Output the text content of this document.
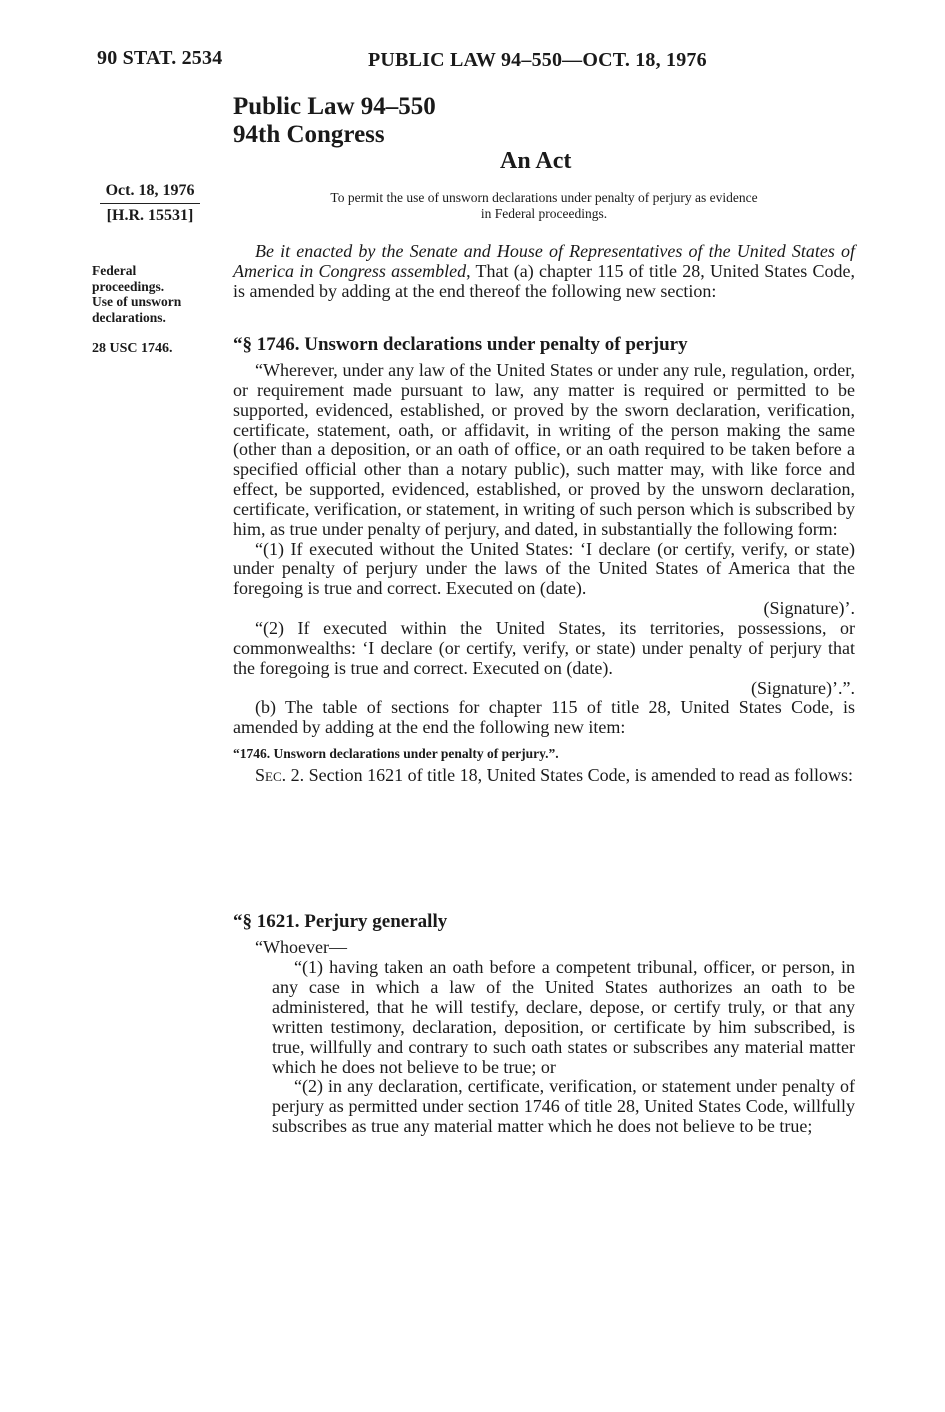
90 STAT. 2534	PUBLIC LAW 94–550—OCT. 18, 1976
Public Law 94–550
94th Congress
An Act
To permit the use of unsworn declarations under penalty of perjury as evidence
in Federal proceedings.
Oct. 18, 1976
[H.R. 15531]
Federal
proceedings.
Use of unsworn
declarations.
28 USC 1746.

Be it enacted by the Senate and House of Representatives of the United States of America in Congress assembled, That (a) chapter 115 of title 28, United States Code, is amended by adding at the end thereof the following new section:

“§ 1746. Unsworn declarations under penalty of perjury

“Wherever, under any law of the United States or under any rule, regulation, order, or requirement made pursuant to law, any matter is required or permitted to be supported, evidenced, established, or proved by the sworn declaration, verification, certificate, statement, oath, or affidavit, in writing of the person making the same (other than a deposition, or an oath of office, or an oath required to be taken before a specified official other than a notary public), such matter may, with like force and effect, be supported, evidenced, established, or proved by the unsworn declaration, certificate, verification, or statement, in writing of such person which is subscribed by him, as true under penalty of perjury, and dated, in substantially the following form:

“(1) If executed without the United States: ‘I declare (or certify, verify, or state) under penalty of perjury under the laws of the United States of America that the foregoing is true and correct. Executed on (date).

(Signature)’.

“(2) If executed within the United States, its territories, possessions, or commonwealths: ‘I declare (or certify, verify, or state) under penalty of perjury that the foregoing is true and correct. Executed on (date).

(Signature)’.”.

(b) The table of sections for chapter 115 of title 28, United States Code, is amended by adding at the end the following new item:

“1746. Unsworn declarations under penalty of perjury.”.

Sec. 2. Section 1621 of title 18, United States Code, is amended to read as follows:

“§ 1621. Perjury generally

“Whoever—

“(1) having taken an oath before a competent tribunal, officer, or person, in any case in which a law of the United States authorizes an oath to be administered, that he will testify, declare, depose, or certify truly, or that any written testimony, declaration, deposition, or certificate by him subscribed, is true, willfully and contrary to such oath states or subscribes any material matter which he does not believe to be true; or

“(2) in any declaration, certificate, verification, or statement under penalty of perjury as permitted under section 1746 of title 28, United States Code, willfully subscribes as true any material matter which he does not believe to be true;
